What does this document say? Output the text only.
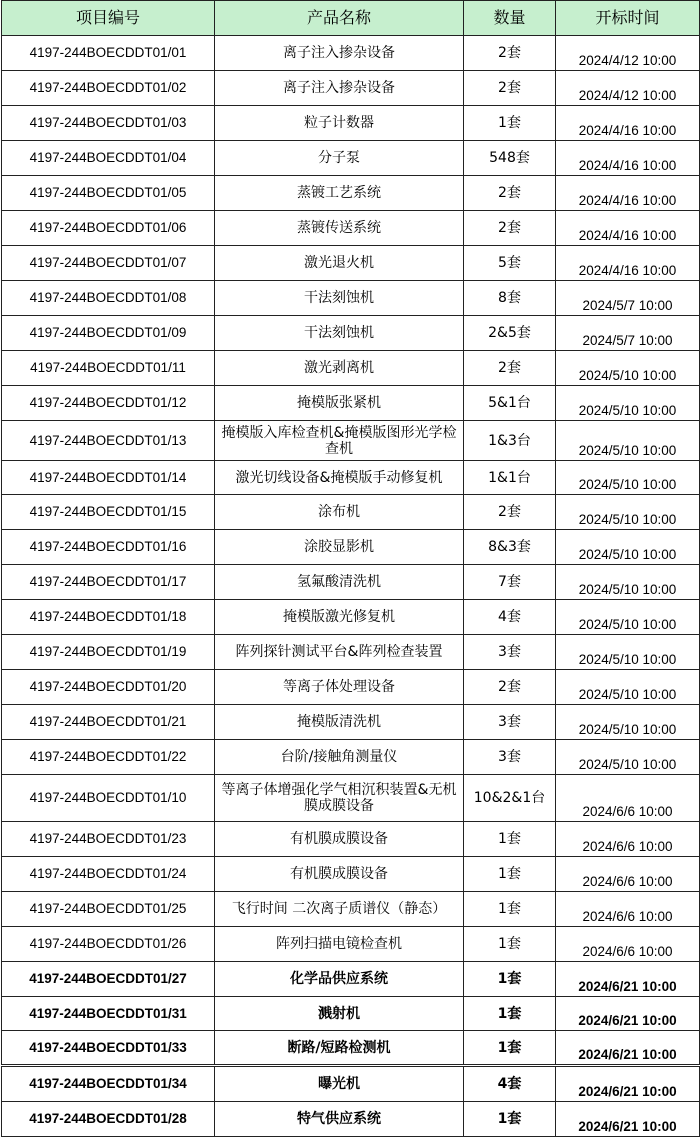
项目编号	产品名称	数量	开标时间
4197-244BOECDDT01/01	离子注入掺杂设备	2套	2024/4/12 10:00
4197-244BOECDDT01/02	离子注入掺杂设备	2套	2024/4/12 10:00
4197-244BOECDDT01/03	粒子计数器	1套	2024/4/16 10:00
4197-244BOECDDT01/04	分子泵	548套	2024/4/16 10:00
4197-244BOECDDT01/05	蒸镀工艺系统	2套	2024/4/16 10:00
4197-244BOECDDT01/06	蒸镀传送系统	2套	2024/4/16 10:00
4197-244BOECDDT01/07	激光退火机	5套	2024/4/16 10:00
4197-244BOECDDT01/08	干法刻蚀机	8套	2024/5/7 10:00
4197-244BOECDDT01/09	干法刻蚀机	2&5套	2024/5/7 10:00
4197-244BOECDDT01/11	激光剥离机	2套	2024/5/10 10:00
4197-244BOECDDT01/12	掩模版张紧机	5&1台	2024/5/10 10:00
4197-244BOECDDT01/13	掩模版入库检查机&掩模版图形光学检查机	1&3台	2024/5/10 10:00
4197-244BOECDDT01/14	激光切线设备&掩模版手动修复机	1&1台	2024/5/10 10:00
4197-244BOECDDT01/15	涂布机	2套	2024/5/10 10:00
4197-244BOECDDT01/16	涂胶显影机	8&3套	2024/5/10 10:00
4197-244BOECDDT01/17	氢氟酸清洗机	7套	2024/5/10 10:00
4197-244BOECDDT01/18	掩模版激光修复机	4套	2024/5/10 10:00
4197-244BOECDDT01/19	阵列探针测试平台&阵列检查装置	3套	2024/5/10 10:00
4197-244BOECDDT01/20	等离子体处理设备	2套	2024/5/10 10:00
4197-244BOECDDT01/21	掩模版清洗机	3套	2024/5/10 10:00
4197-244BOECDDT01/22	台阶/接触角测量仪	3套	2024/5/10 10:00
4197-244BOECDDT01/10	等离子体增强化学气相沉积装置&无机膜成膜设备	10&2&1台	2024/6/6 10:00
4197-244BOECDDT01/23	有机膜成膜设备	1套	2024/6/6 10:00
4197-244BOECDDT01/24	有机膜成膜设备	1套	2024/6/6 10:00
4197-244BOECDDT01/25	飞行时间 二次离子质谱仪（静态）	1套	2024/6/6 10:00
4197-244BOECDDT01/26	阵列扫描电镜检查机	1套	2024/6/6 10:00
4197-244BOECDDT01/27	化学品供应系统	1套	2024/6/21 10:00
4197-244BOECDDT01/31	溅射机	1套	2024/6/21 10:00
4197-244BOECDDT01/33	断路/短路检测机	1套	2024/6/21 10:00
4197-244BOECDDT01/34	曝光机	4套	2024/6/21 10:00
4197-244BOECDDT01/28	特气供应系统	1套	2024/6/21 10:00
